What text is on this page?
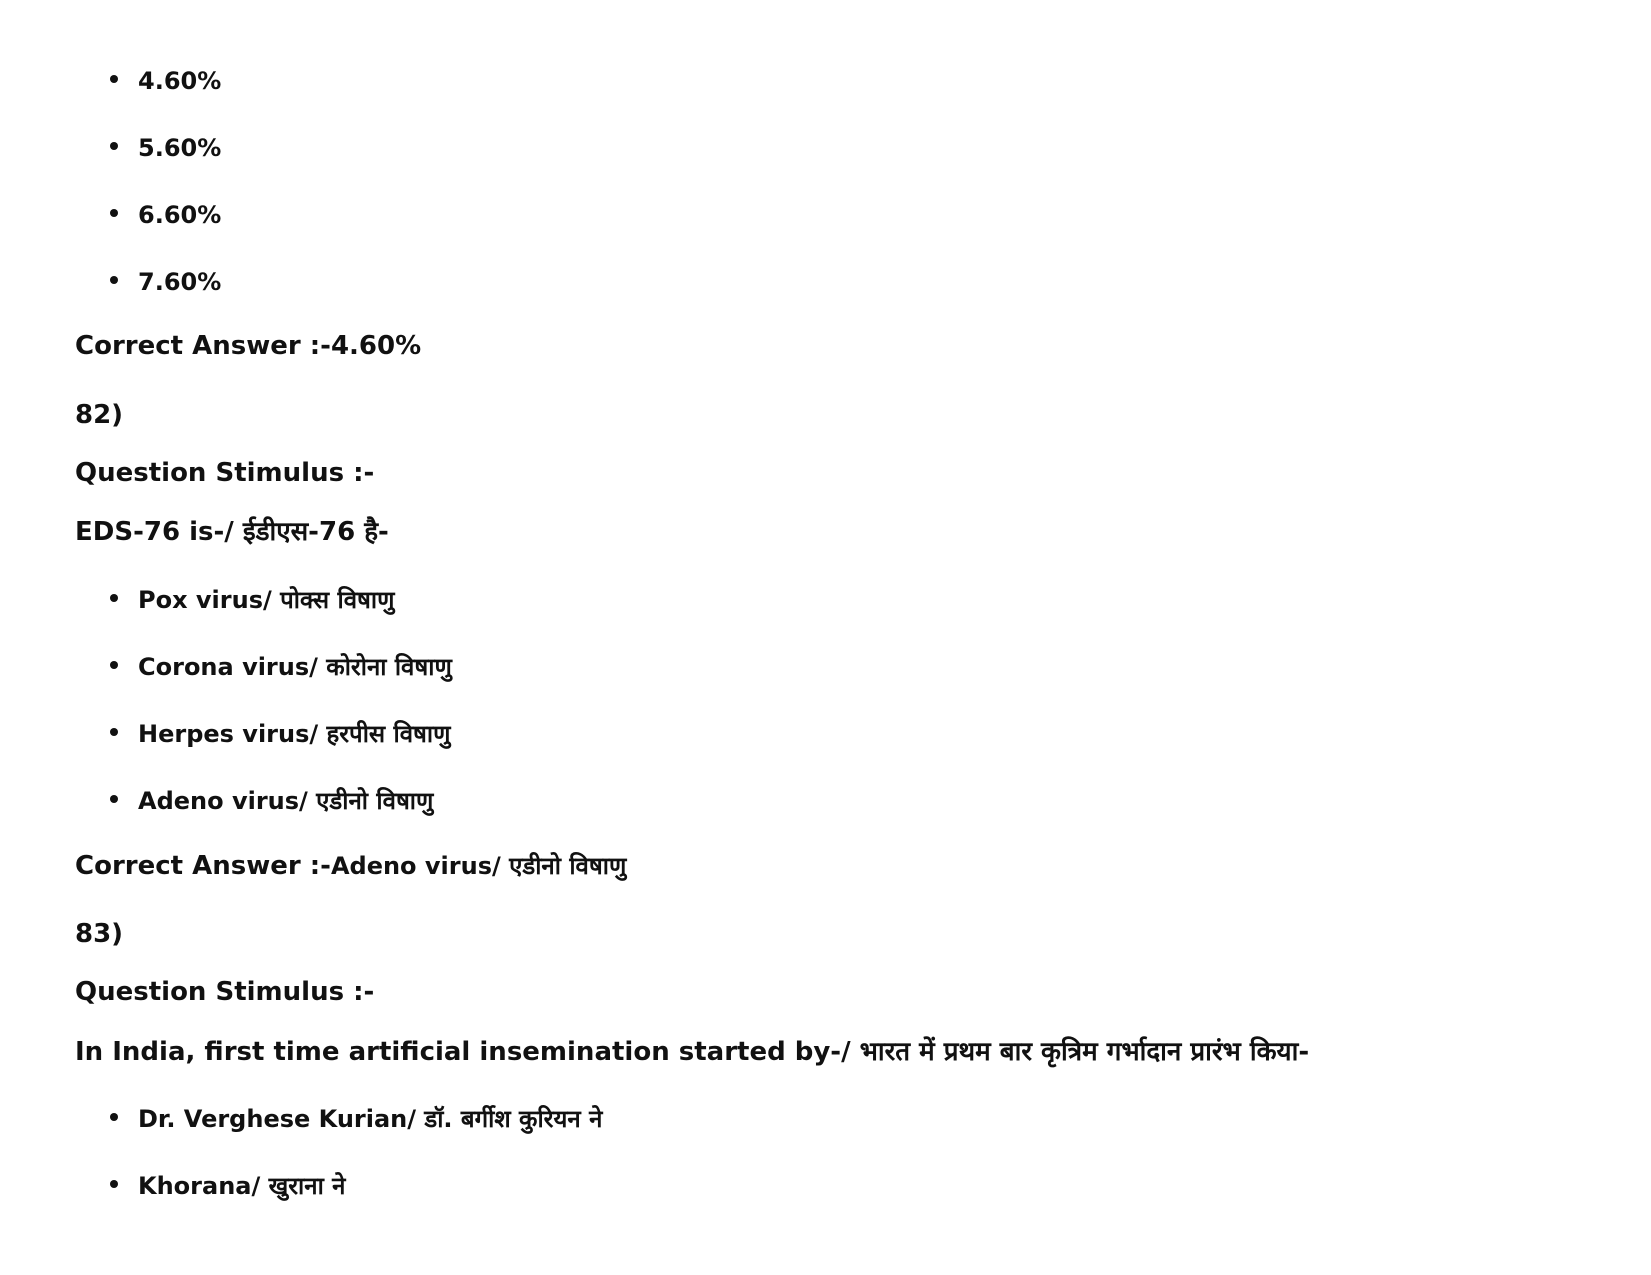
4.60%
5.60%
6.60%
7.60%
Correct Answer :-4.60%
82)
Question Stimulus :-
EDS-76 is-/ ईडीएस-76 है-
Pox virus/ पोक्स विषाणु
Corona virus/ कोरोना विषाणु
Herpes virus/ हरपीस विषाणु
Adeno virus/ एडीनो विषाणु
Correct Answer :-Adeno virus/ एडीनो विषाणु
83)
Question Stimulus :-
In India, first time artificial insemination started by-/ भारत में प्रथम बार कृत्रिम गर्भादान प्रारंभ किया-
Dr. Verghese Kurian/ डॉ. बर्गीश कुरियन ने
Khorana/ खुराना ने
